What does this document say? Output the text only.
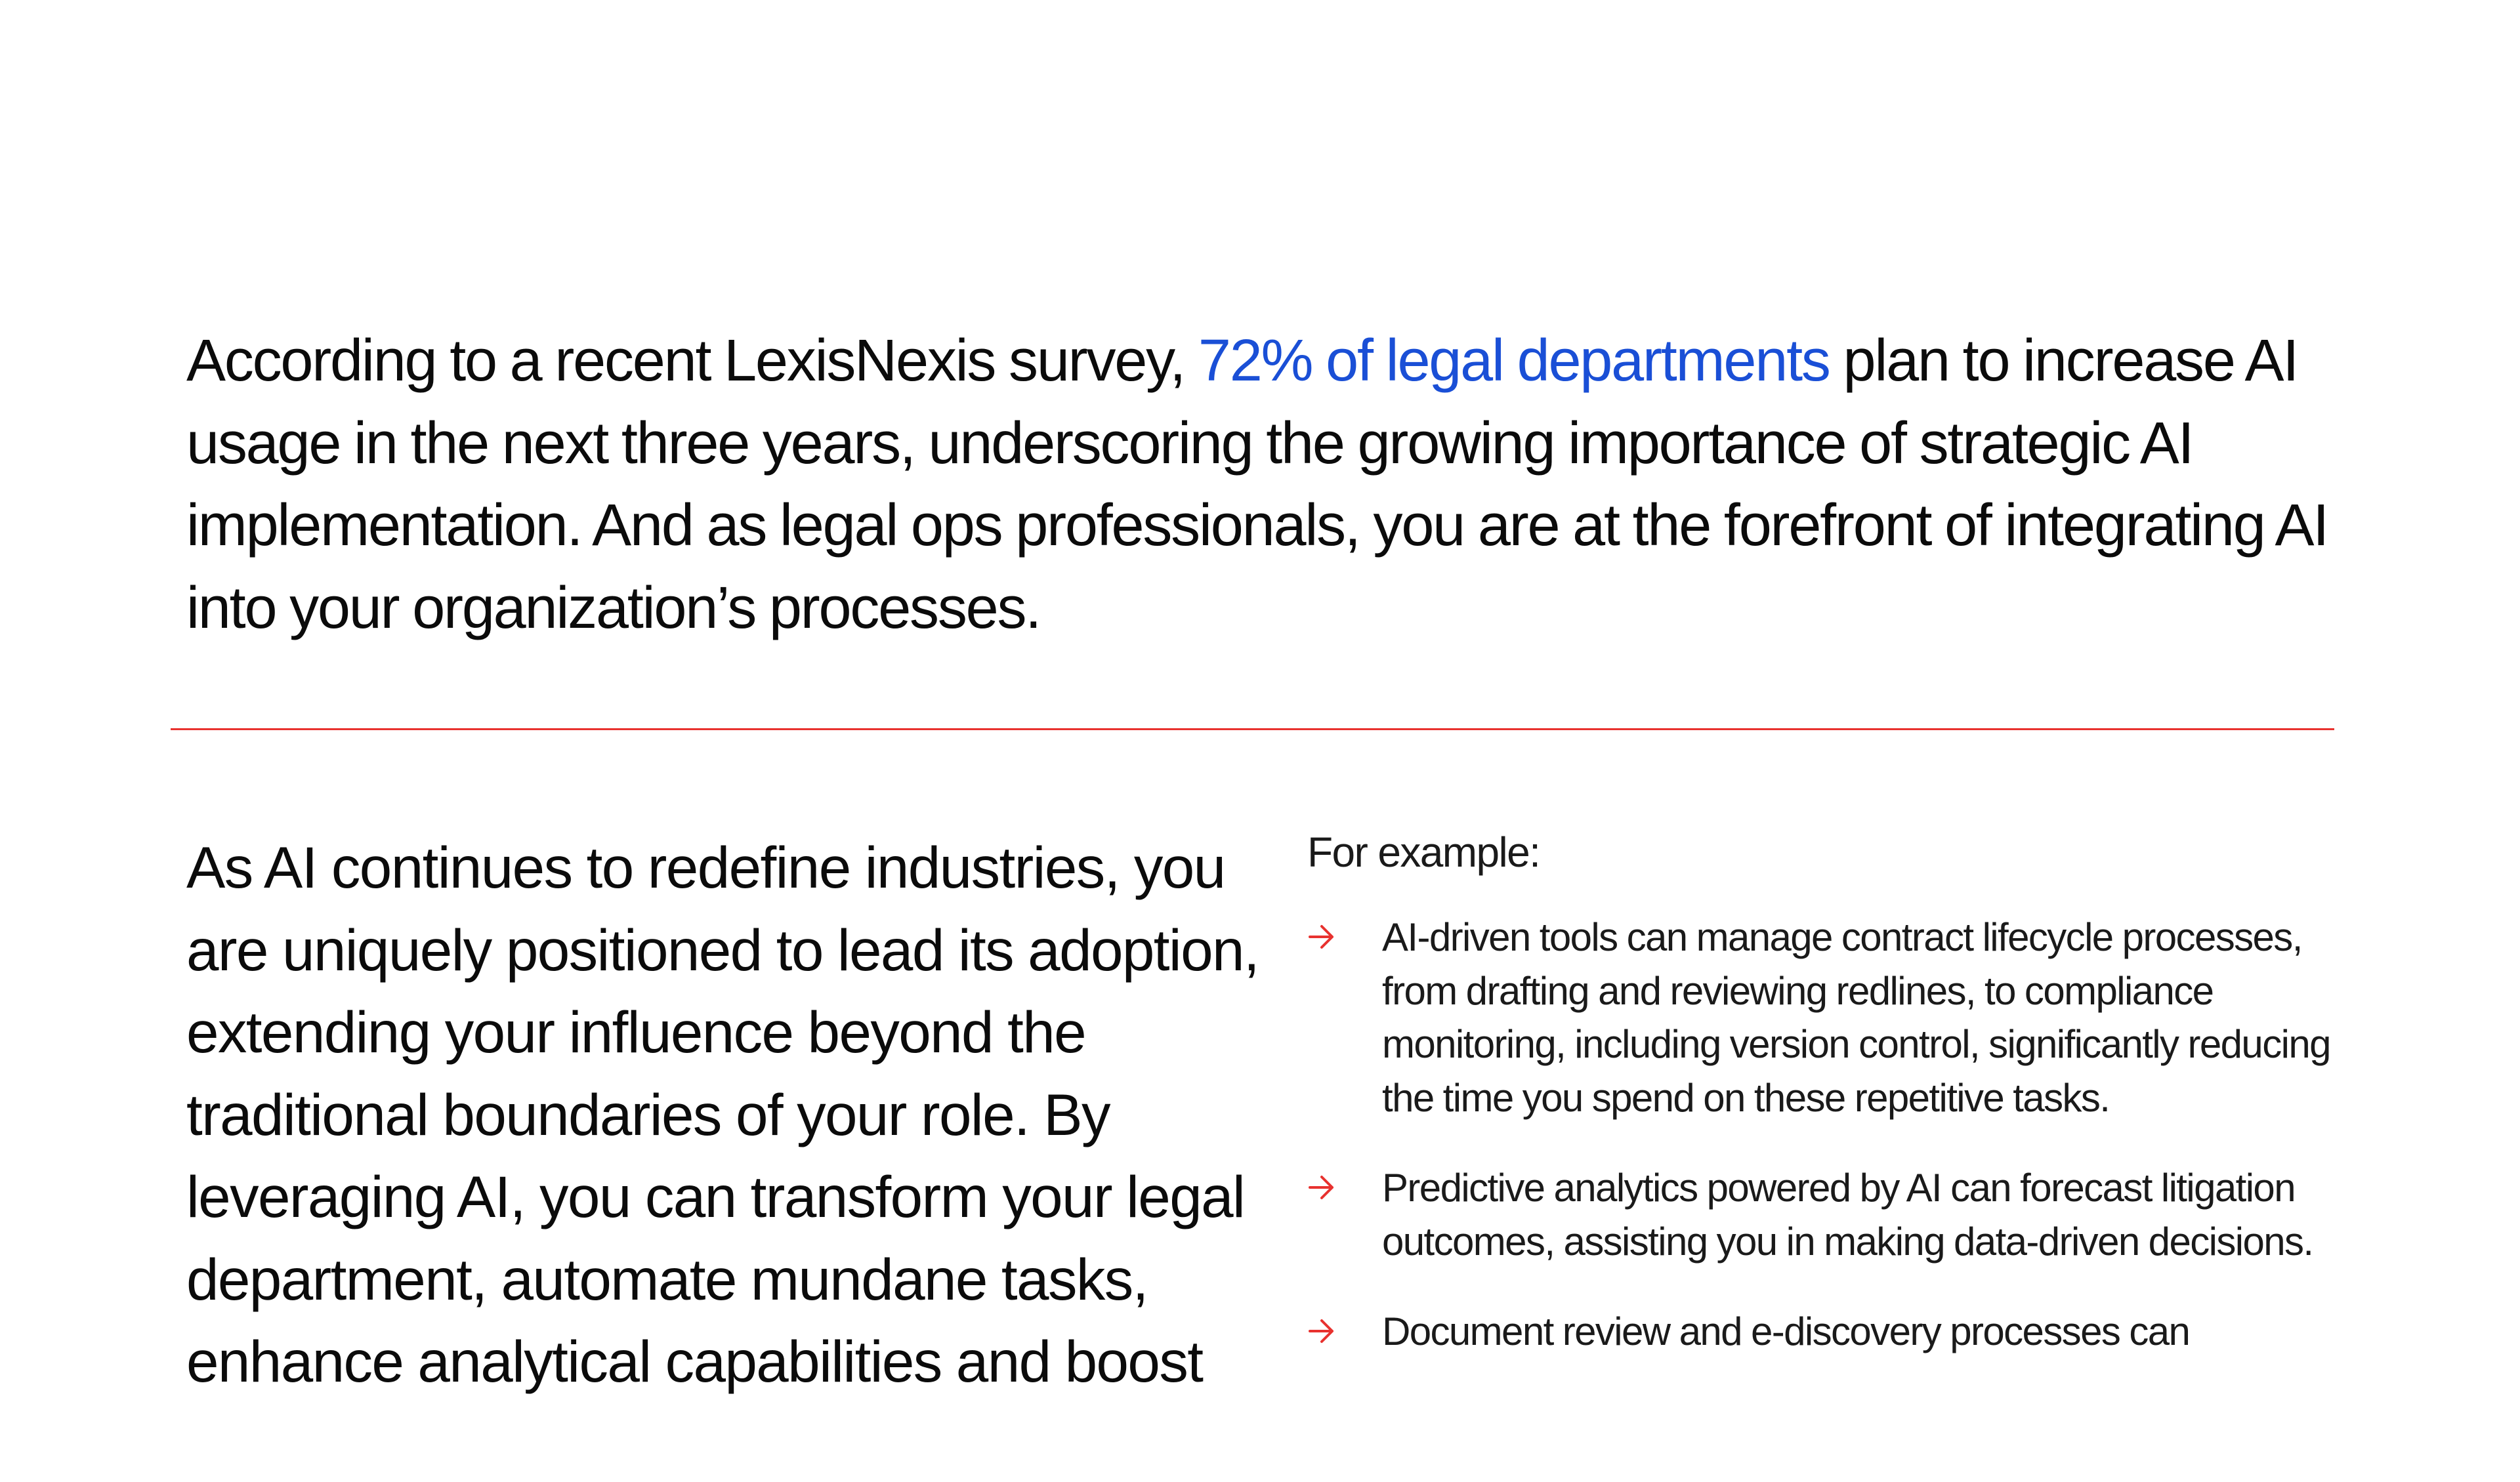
According to a recent LexisNexis survey, 72% of legal departments plan to increase AI usage in the next three years, underscoring the growing importance of strategic AI implementation. And as legal ops professionals, you are at the forefront of integrating AI into your organization’s processes.

As AI continues to redefine industries, you are uniquely positioned to lead its adoption, extending your influence beyond the traditional boundaries of your role. By leveraging AI, you can transform your legal department, automate mundane tasks, enhance analytical capabilities and boost

For example:

AI-driven tools can manage contract lifecycle processes, from drafting and reviewing redlines, to compliance monitoring, including version control, significantly reducing the time you spend on these repetitive tasks.
Predictive analytics powered by AI can forecast litigation outcomes, assisting you in making data-driven decisions.
Document review and e-discovery processes can
